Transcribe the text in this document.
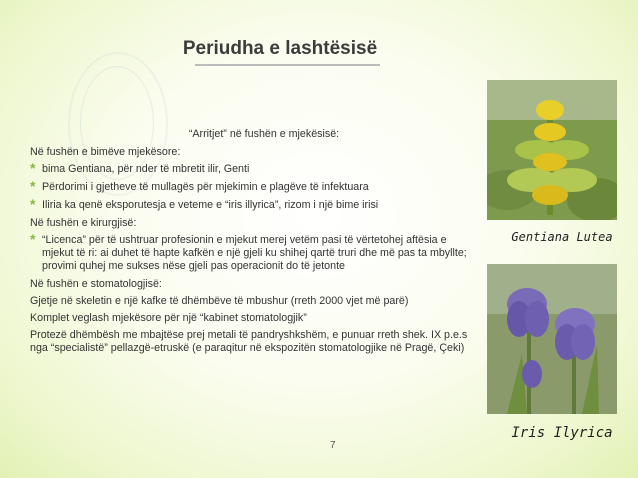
Periudha e lashtësisë
“Arritjet” në fushën e mjekësisë:
Në fushën e bimëve mjekësore:
* bima Gentiana, për nder të mbretit ilir, Genti
* Përdorimi i gjetheve të mullagës për mjekimin e plagëve të infektuara
* Iliria ka qenë eksporutesja e veteme e “iris illyrica”, rizom i një bime irisi
Në fushën e kirurgjisë:
* “Licenca” për të ushtruar profesionin e mjekut merej vetëm pasi të vërtetohej aftësia e mjekut të ri: ai duhet të hapte kafkën e një gjeli ku shihej qartë truri dhe më pas ta mbyllte; provimi quhej me sukses nëse gjeli pas operacionit do të jetonte
Në fushën e stomatologjisë:
Gjetje në skeletin e një kafke të dhëmbëve të mbushur (rreth 2000 vjet më parë)
Komplet veglash mjekësore për një “kabinet stomatologjik”
Protezë dhëmbësh me mbajtëse prej metali të pandryshkshëm, e punuar rreth shek. IX p.e.s nga “specialistë” pellazgë-etruskë (e paraqitur në ekspozitën stomatologjike në Pragë, Çeki)
Gentiana Lutea
Iris Ilyrica
7
